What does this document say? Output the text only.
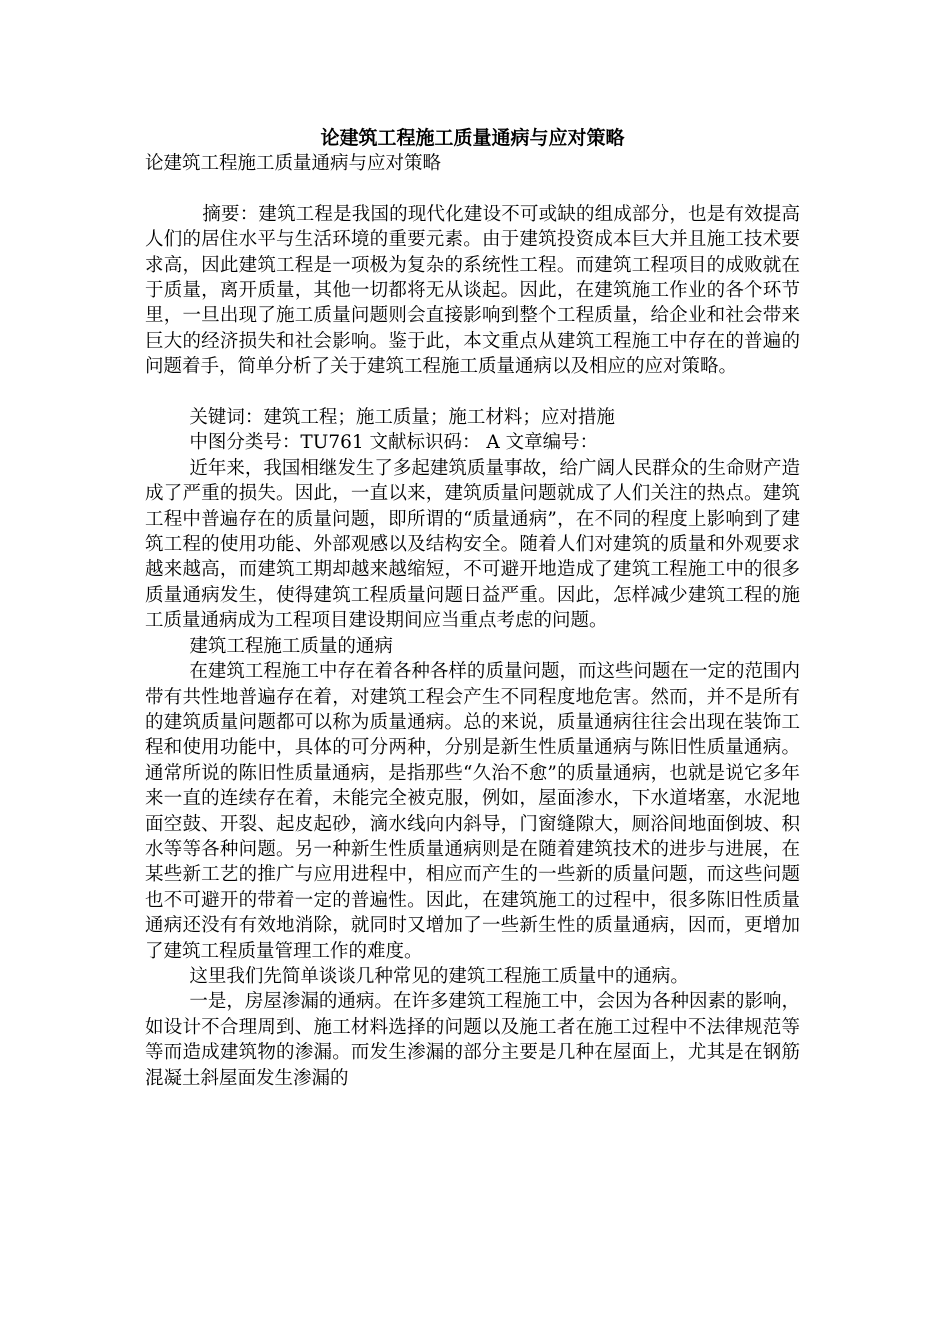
论建筑工程施工质量通病与应对策略

论建筑工程施工质量通病与应对策略

摘要：建筑工程是我国的现代化建设不可或缺的组成部分，也是有效提高人们的居住水平与生活环境的重要元素。由于建筑投资成本巨大并且施工技术要求高，因此建筑工程是一项极为复杂的系统性工程。而建筑工程项目的成败就在于质量，离开质量，其他一切都将无从谈起。因此，在建筑施工作业的各个环节里，一旦出现了施工质量问题则会直接影响到整个工程质量，给企业和社会带来巨大的经济损失和社会影响。鉴于此，本文重点从建筑工程施工中存在的普遍的问题着手，简单分析了关于建筑工程施工质量通病以及相应的应对策略。

关键词：建筑工程；施工质量；施工材料；应对措施

中图分类号：TU761 文献标识码： A 文章编号：

近年来，我国相继发生了多起建筑质量事故，给广阔人民群众的生命财产造成了严重的损失。因此，一直以来，建筑质量问题就成了人们关注的热点。建筑工程中普遍存在的质量问题，即所谓的“质量通病”，在不同的程度上影响到了建筑工程的使用功能、外部观感以及结构安全。随着人们对建筑的质量和外观要求越来越高，而建筑工期却越来越缩短，不可避开地造成了建筑工程施工中的很多质量通病发生，使得建筑工程质量问题日益严重。因此，怎样减少建筑工程的施工质量通病成为工程项目建设期间应当重点考虑的问题。

建筑工程施工质量的通病

在建筑工程施工中存在着各种各样的质量问题，而这些问题在一定的范围内带有共性地普遍存在着，对建筑工程会产生不同程度地危害。然而，并不是所有的建筑质量问题都可以称为质量通病。总的来说，质量通病往往会出现在装饰工程和使用功能中，具体的可分两种，分别是新生性质量通病与陈旧性质量通病。通常所说的陈旧性质量通病，是指那些“久治不愈”的质量通病，也就是说它多年来一直的连续存在着，未能完全被克服，例如，屋面渗水，下水道堵塞，水泥地面空鼓、开裂、起皮起砂，滴水线向内斜导，门窗缝隙大，厕浴间地面倒坡、积水等等各种问题。另一种新生性质量通病则是在随着建筑技术的进步与进展，在某些新工艺的推广与应用进程中，相应而产生的一些新的质量问题，而这些问题也不可避开的带着一定的普遍性。因此，在建筑施工的过程中，很多陈旧性质量通病还没有有效地消除，就同时又增加了一些新生性的质量通病，因而，更增加了建筑工程质量管理工作的难度。

这里我们先简单谈谈几种常见的建筑工程施工质量中的通病。

一是，房屋渗漏的通病。在许多建筑工程施工中，会因为各种因素的影响，如设计不合理周到、施工材料选择的问题以及施工者在施工过程中不法律规范等等而造成建筑物的渗漏。而发生渗漏的部分主要是几种在屋面上，尤其是在钢筋混凝土斜屋面发生渗漏的
